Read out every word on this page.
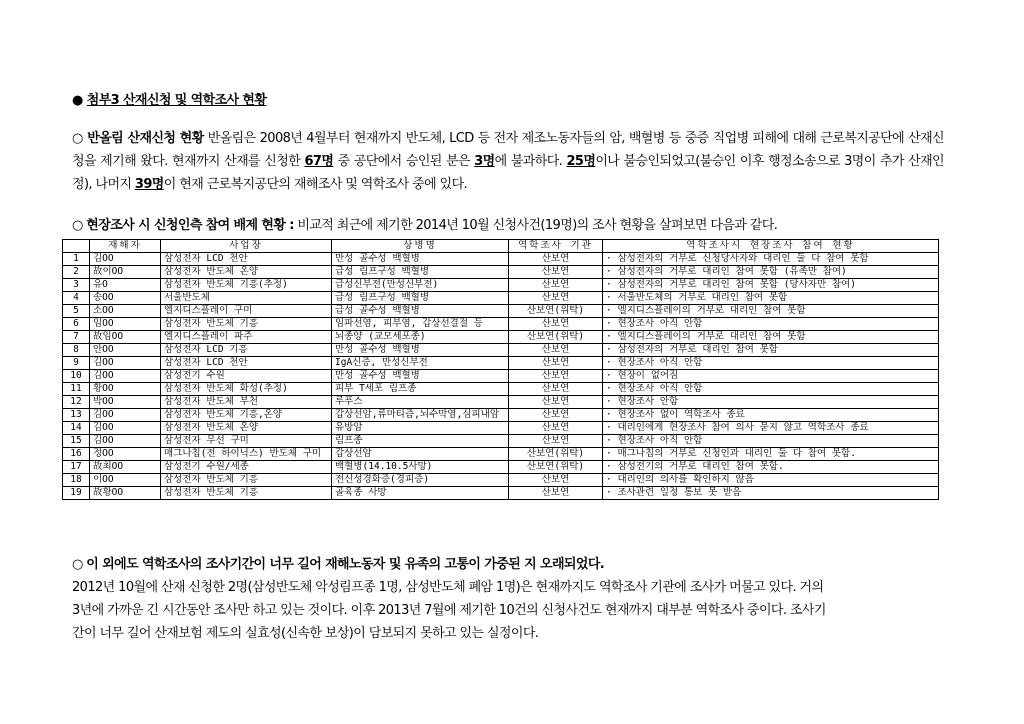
● 첨부3 산재신청 및 역학조사 현황
○ 반올림 산재신청 현황 반올림은 2008년 4월부터 현재까지 반도체, LCD 등 전자 제조노동자들의 암, 백혈병 등 중증 직업병 피해에 대해 근로복지공단에 산재신청을 제기해 왔다. 현재까지 산재를 신청한 67명 중 공단에서 승인된 분은 3명에 불과하다. 25명이나 불승인되었고(불승인 이후 행정소송으로 3명이 추가 산재인정), 나머지 39명이 현재 근로복지공단의 재해조사 및 역학조사 중에 있다.
○ 현장조사 시 신청인측 참여 배제 현황 : 비교적 최근에 제기한 2014년 10월 신청사건(19명)의 조사 현황을 살펴보면 다음과 같다.
	재해자	사업장	상병명	역학조사 기관	역학조사시 현장조사 참여 현황
1	김OO	삼성전자 LCD 천안	만성 골수성 백혈병	산보연	· 삼성전자의 거부로 신청당사자와 대리인 둘 다 참여 못함
2	故이OO	삼성전자 반도체 온양	급성 림프구성 백혈병	산보연	· 삼성전자의 거부로 대리인 참여 못함 (유족만 참여)
3	유O	삼성전자 반도체 기흥(추정)	급성신부전(만성신부전)	산보연	· 삼성전자의 거부로 대리인 참여 못함 (당사자만 참여)
4	송OO	서울반도체	급성 림프구성 백혈병	산보연	· 서울반도체의 거부로 대리인 참여 못함
5	소OO	엘지디스플레이 구미	급성 골수성 백혈병	산보연(위탁)	· 엘지디스플레이의 거부로 대리인 참여 못함
6	임OO	삼성전자 반도체 기흥	임파선염, 피부염, 갑상선결절 등	산보연	· 현장조사 아직 안함
7	故임OO	엘지디스플레이 파주	뇌종양 (교모세포종)	산보연(위탁)	· 엘지디스플레이의 거부로 대리인 참여 못함
8	안OO	삼성전자 LCD 기흥	만성 골수성 백혈병	산보연	· 삼성전자의 거부로 대리인 참여 못함
9	김OO	삼성전자 LCD 천안	IgA신증, 만성신부전	산보연	· 현장조사 아직 안함
10	김OO	삼성전기 수원	만성 골수성 백혈병	산보연	· 현장이 없어짐
11	황OO	삼성전자 반도체 화성(추정)	피부 T세포 림프종	산보연	· 현장조사 아직 안함
12	박OO	삼성전자 반도체 부천	루푸스	산보연	· 현장조사 안함
13	김OO	삼성전자 반도체 기흥,온양	갑상선암,류마티즘,뇌수막염,심피내암	산보연	· 현장조사 없이 역학조사 종료
14	김OO	삼성전자 반도체 온양	유방암	산보연	· 대리인에게 현장조사 참여 의사 묻지 않고 역학조사 종료
15	김OO	삼성전자 무선 구미	림프종	산보연	· 현장조사 아직 안함
16	정OO	매그나칩(전 하이닉스) 반도체 구미	갑상선암	산보연(위탁)	· 매그나칩의 거부로 신청인과 대리인 둘 다 참여 못함.
17	故최OO	삼성전기 수원/세종	백혈병(14.10.5사망)	산보연(위탁)	· 삼성전기의 거부로 대리인 참여 못함.
18	이OO	삼성전자 반도체 기흥	전신성경화증(경피증)	산보연	· 대리인의 의사를 확인하지 않음
19	故황OO	삼성전자 반도체 기흥	골육종 사망	산보연	· 조사관련 일정 통보 못 받음
○ 이 외에도 역학조사의 조사기간이 너무 길어 재해노동자 및 유족의 고통이 가중된 지 오래되었다.
2012년 10월에 산재 신청한 2명(삼성반도체 악성림프종 1명, 삼성반도체 폐암 1명)은 현재까지도 역학조사 기관에 조사가 머물고 있다. 거의
3년에 가까운 긴 시간동안 조사만 하고 있는 것이다. 이후 2013년 7월에 제기한 10건의 신청사건도 현재까지 대부분 역학조사 중이다. 조사기
간이 너무 길어 산재보험 제도의 실효성(신속한 보상)이 담보되지 못하고 있는 실정이다.
